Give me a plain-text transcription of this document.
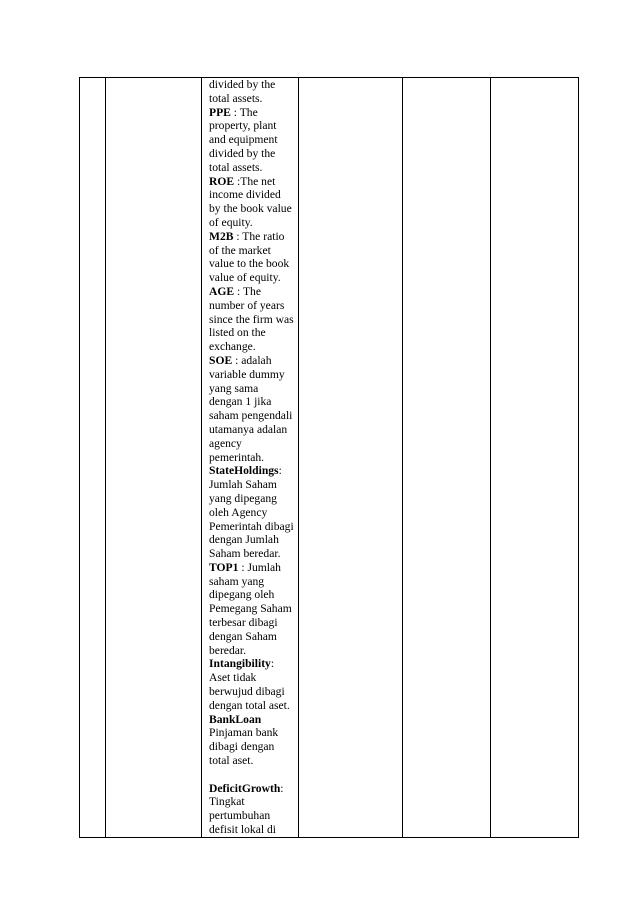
divided by the total assets.
PPE : The property, plant and equipment divided by the total assets.
ROE :The net income divided by the book value of equity.
M2B : The ratio of the market value to the book value of equity.
AGE : The number of years since the firm was listed on the exchange.
SOE : adalah variable dummy yang sama dengan 1 jika saham pengendali utamanya adalan agency pemerintah.
StateHoldings: Jumlah Saham yang dipegang oleh Agency Pemerintah dibagi dengan Jumlah Saham beredar.
TOP1 : Jumlah saham yang dipegang oleh Pemegang Saham terbesar dibagi dengan Saham beredar.
Intangibility: Aset tidak berwujud dibagi dengan total aset.
BankLoan Pinjaman bank dibagi dengan total aset.
DeficitGrowth: Tingkat pertumbuhan defisit lokal di
